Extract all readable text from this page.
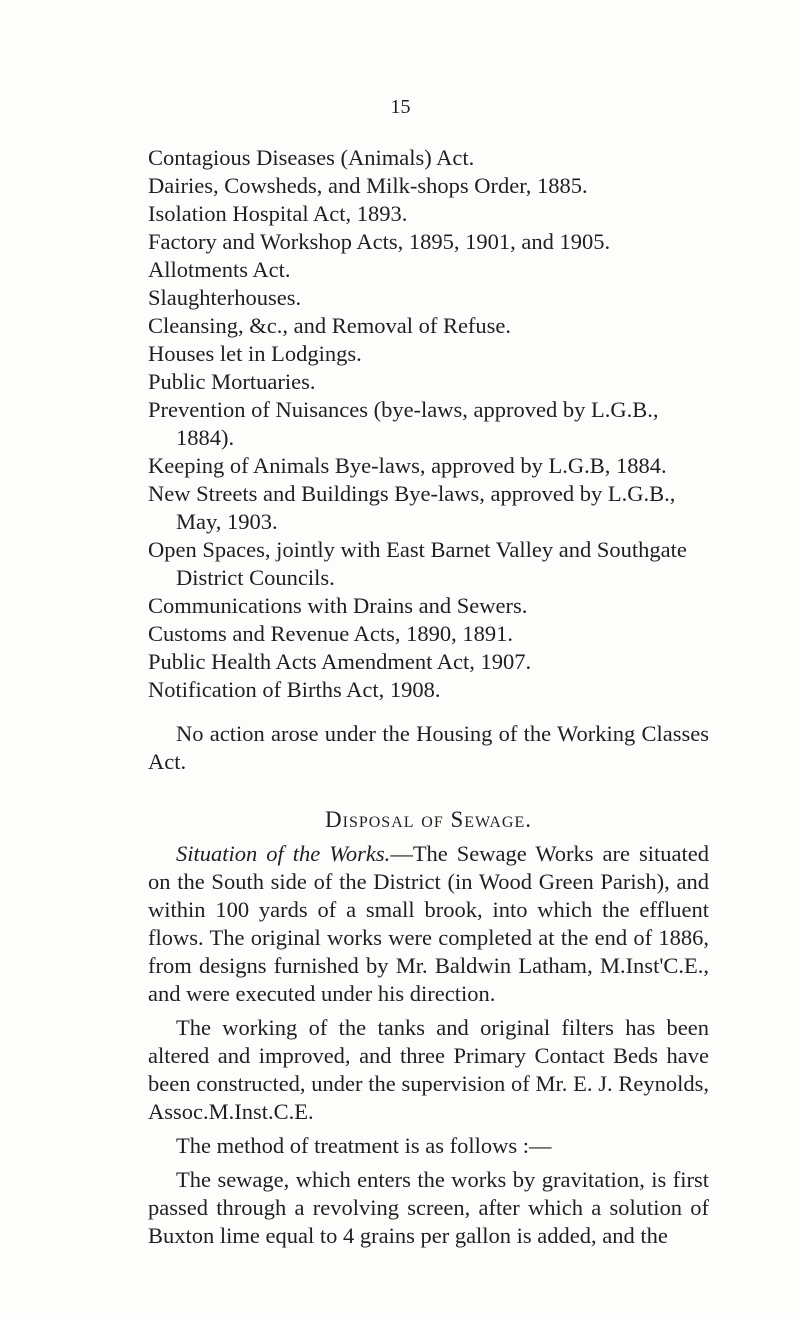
15

Contagious Diseases (Animals) Act.

Dairies, Cowsheds, and Milk-shops Order, 1885.

Isolation Hospital Act, 1893.

Factory and Workshop Acts, 1895, 1901, and 1905.

Allotments Act.

Slaughterhouses.

Cleansing, &c., and Removal of Refuse.

Houses let in Lodgings.

Public Mortuaries.

Prevention of Nuisances (bye-laws, approved by L.G.B., 1884).

Keeping of Animals Bye-laws, approved by L.G.B, 1884.

New Streets and Buildings Bye-laws, approved by L.G.B., May, 1903.

Open Spaces, jointly with East Barnet Valley and Southgate District Councils.

Communications with Drains and Sewers.

Customs and Revenue Acts, 1890, 1891.

Public Health Acts Amendment Act, 1907.

Notification of Births Act, 1908.

No action arose under the Housing of the Working Classes Act.

Disposal of Sewage.

Situation of the Works.—The Sewage Works are situated on the South side of the District (in Wood Green Parish), and within 100 yards of a small brook, into which the effluent flows. The original works were completed at the end of 1886, from designs furnished by Mr. Baldwin Latham, M.Inst'C.E., and were executed under his direction.

The working of the tanks and original filters has been altered and improved, and three Primary Contact Beds have been constructed, under the supervision of Mr. E. J. Reynolds, Assoc.M.Inst.C.E.

The method of treatment is as follows :—

The sewage, which enters the works by gravitation, is first passed through a revolving screen, after which a solution of Buxton lime equal to 4 grains per gallon is added, and the
